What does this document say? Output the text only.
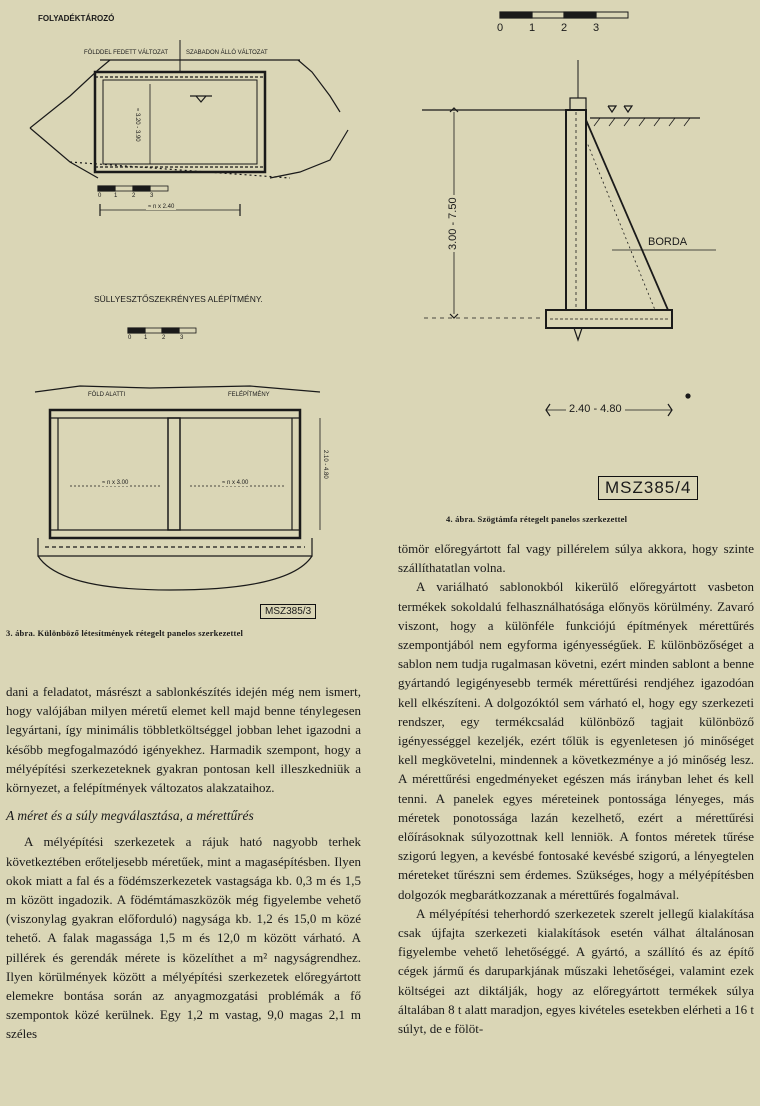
FOLYADÉKTÁROZÓ
FÖLDDEL FEDETT VÁLTOZAT	SZABADON ÁLLÓ VÁLTOZAT
≈ 3.20 - 3.90
≈ n x 2.40
0 1 2 3
SÜLLYESZTŐSZEKRÉNYES ALÉPÍTMÉNY.
0 1 2 3
FÖLD ALATTI	FELÉPÍTMÉNY
≈ n x 3.00	≈ n x 4.00
2.10 - 4.80
MSZ385/3
3. ábra. Különböző létesítmények rétegelt panelos szerkezettel
0 1 2 3
3.00 - 7.50	BORDA
2.40 - 4.80
MSZ385/4
4. ábra. Szögtámfa rétegelt panelos szerkezettel

dani a feladatot, másrészt a sablonkészítés idején még nem ismert, hogy valójában milyen méretű elemet kell majd benne ténylegesen legyártani, így minimális többletköltséggel jobban lehet igazodni a később megfogalmazódó igényekhez. Harmadik szempont, hogy a mélyépítési szerkezeteknek gyakran pontosan kell illeszkedniük a környezet, a felépítmények változatos alakzataihoz.

A méret és a súly megválasztása, a mérettűrés

A mélyépítési szerkezetek a rájuk ható nagyobb terhek következtében erőteljesebb méretűek, mint a magasépítésben. Ilyen okok miatt a fal és a födémszerkezetek vastagsága kb. 0,3 m és 1,5 m között ingadozik. A födémtámaszközök még figyelembe vehető (viszonylag gyakran előforduló) nagysága kb. 1,2 és 15,0 m közé tehető. A falak magassága 1,5 m és 12,0 m között várható. A pillérek és gerendák mérete is közelíthet a m² nagyságrendhez. Ilyen körülmények között a mélyépítési szerkezetek előregyártott elemekre bontása során az anyagmozgatási problémák a fő szempontok közé kerülnek. Egy 1,2 m vastag, 9,0 magas 2,1 m széles

tömör előregyártott fal vagy pillérelem súlya akkora, hogy szinte szállíthatatlan volna.

A variálható sablonokból kikerülő előregyártott vasbeton termékek sokoldalú felhasználhatósága előnyös körülmény. Zavaró viszont, hogy a különféle funkciójú építmények mérettűrés szempontjából nem egyforma igényességűek. E különbözőséget a sablon nem tudja rugalmasan követni, ezért minden sablont a benne gyártandó legigényesebb termék mérettűrési rendjéhez igazodóan kell elkészíteni. A dolgozóktól sem várható el, hogy egy szerkezeti rendszer, egy termékcsalád különböző tagjait különböző igényességgel kezeljék, ezért tőlük is egyenletesen jó minőséget kell megkövetelni, mindennek a következménye a jó minőség lesz. A mérettűrési engedményeket egészen más irányban lehet és kell tenni. A panelek egyes méreteinek pontossága lényeges, más méretek ponotossága lazán kezelhető, ezért a mérettűrési előírásoknak súlyozottnak kell lenniök. A fontos méretek tűrése szigorú legyen, a kevésbé fontosaké kevésbé szigorú, a lényegtelen méreteket tűrészni sem érdemes. Szükséges, hogy a mélyépítésben dolgozók megbarátkozzanak a mérettűrés fogalmával.

A mélyépítési teherhordó szerkezetek szerelt jellegű kialakítása csak újfajta szerkezeti kialakítások esetén válhat általánosan figyelembe vehető lehetőséggé. A gyártó, a szállító és az építő cégek jármű és daruparkjának műszaki lehetőségei, valamint ezek költségei azt diktálják, hogy az előregyártott termékek súlya általában 8 t alatt maradjon, egyes kivételes esetekben elérheti a 16 t súlyt, de e fölöt-
